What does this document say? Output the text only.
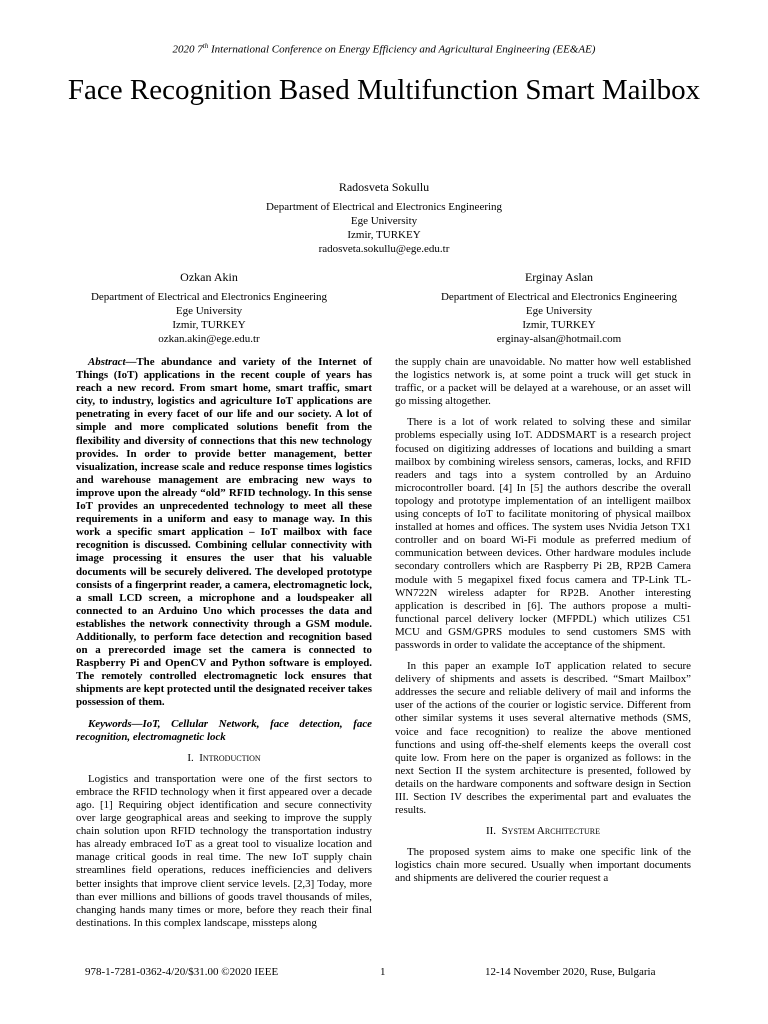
2020 7th International Conference on Energy Efficiency and Agricultural Engineering (EE&AE)
Face Recognition Based Multifunction Smart Mailbox
Radosveta Sokullu
Department of Electrical and Electronics Engineering
Ege University
Izmir, TURKEY
radosveta.sokullu@ege.edu.tr
Ozkan Akin
Department of Electrical and Electronics Engineering
Ege University
Izmir, TURKEY
ozkan.akin@ege.edu.tr
Erginay Aslan
Department of Electrical and Electronics Engineering
Ege University
Izmir, TURKEY
erginay-alsan@hotmail.com

Abstract—The abundance and variety of the Internet of Things (IoT) applications in the recent couple of years has reach a new record. From smart home, smart traffic, smart city, to industry, logistics and agriculture IoT applications are penetrating in every facet of our life and our society. A lot of simple and more complicated solutions benefit from the flexibility and diversity of connections that this new technology provides. In order to provide better management, better visualization, increase scale and reduce response times logistics and warehouse management are embracing new ways to improve upon the already “old” RFID technology. In this sense IoT provides an unprecedented technology to meet all these requirements in a uniform and easy to manage way. In this work a specific smart application – IoT mailbox with face recognition is discussed. Combining cellular connectivity with image processing it ensures the user that his valuable documents will be securely delivered. The developed prototype consists of a fingerprint reader, a camera, electromagnetic lock, a small LCD screen, a microphone and a loudspeaker all connected to an Arduino Uno which processes the data and establishes the network connectivity through a GSM module. Additionally, to perform face detection and recognition based on a prerecorded image set the camera is connected to Raspberry Pi and OpenCV and Python software is employed. The remotely controlled electromagnetic lock ensures that shipments are kept protected until the designated receiver takes possession of them.

Keywords—IoT, Cellular Network, face detection, face recognition, electromagnetic lock

I. Introduction

Logistics and transportation were one of the first sectors to embrace the RFID technology when it first appeared over a decade ago. [1] Requiring object identification and secure connectivity over large geographical areas and seeking to improve the supply chain solution upon RFID technology the transportation industry has already embraced IoT as a great tool to visualize location and manage critical goods in real time. The new IoT supply chain streamlines field operations, reduces inefficiencies and delivers better insights that improve client service levels. [2,3] Today, more than ever millions and billions of goods travel thousands of miles, changing hands many times or more, before they reach their final destinations. In this complex landscape, missteps along

the supply chain are unavoidable. No matter how well established the logistics network is, at some point a truck will get stuck in traffic, or a packet will be delayed at a warehouse, or an asset will go missing altogether.

There is a lot of work related to solving these and similar problems especially using IoT. ADDSMART is a research project focused on digitizing addresses of locations and building a smart mailbox by combining wireless sensors, cameras, locks, and RFID readers and tags into a system controlled by an Arduino microcontroller board. [4] In [5] the authors describe the overall topology and prototype implementation of an intelligent mailbox using concepts of IoT to facilitate monitoring of physical mailbox installed at homes and offices. The system uses Nvidia Jetson TX1 controller and on board Wi-Fi module as preferred medium of communication between devices. Other hardware modules include secondary controllers which are Raspberry Pi 2B, RP2B Camera module with 5 megapixel fixed focus camera and TP-Link TL-WN722N wireless adapter for RP2B. Another interesting application is described in [6]. The authors propose a multi-functional parcel delivery locker (MFPDL) which utilizes C51 MCU and GSM/GPRS modules to send customers SMS with passwords in order to validate the acceptance of the shipment.

In this paper an example IoT application related to secure delivery of shipments and assets is described. “Smart Mailbox” addresses the secure and reliable delivery of mail and informs the user of the actions of the courier or logistic service. Different from other similar systems it uses several alternative methods (SMS, voice and face recognition) to realize the above mentioned functions and using off-the-shelf elements keeps the overall cost quite low. From here on the paper is organized as follows: in the next Section II the system architecture is presented, followed by details on the hardware components and software design in Section III. Section IV describes the experimental part and evaluates the results.

II. System Architecture

The proposed system aims to make one specific link of the logistics chain more secured. Usually when important documents and shipments are delivered the courier request a

978-1-7281-0362-4/20/$31.00 ©2020 IEEE	1	12-14 November 2020, Ruse, Bulgaria
